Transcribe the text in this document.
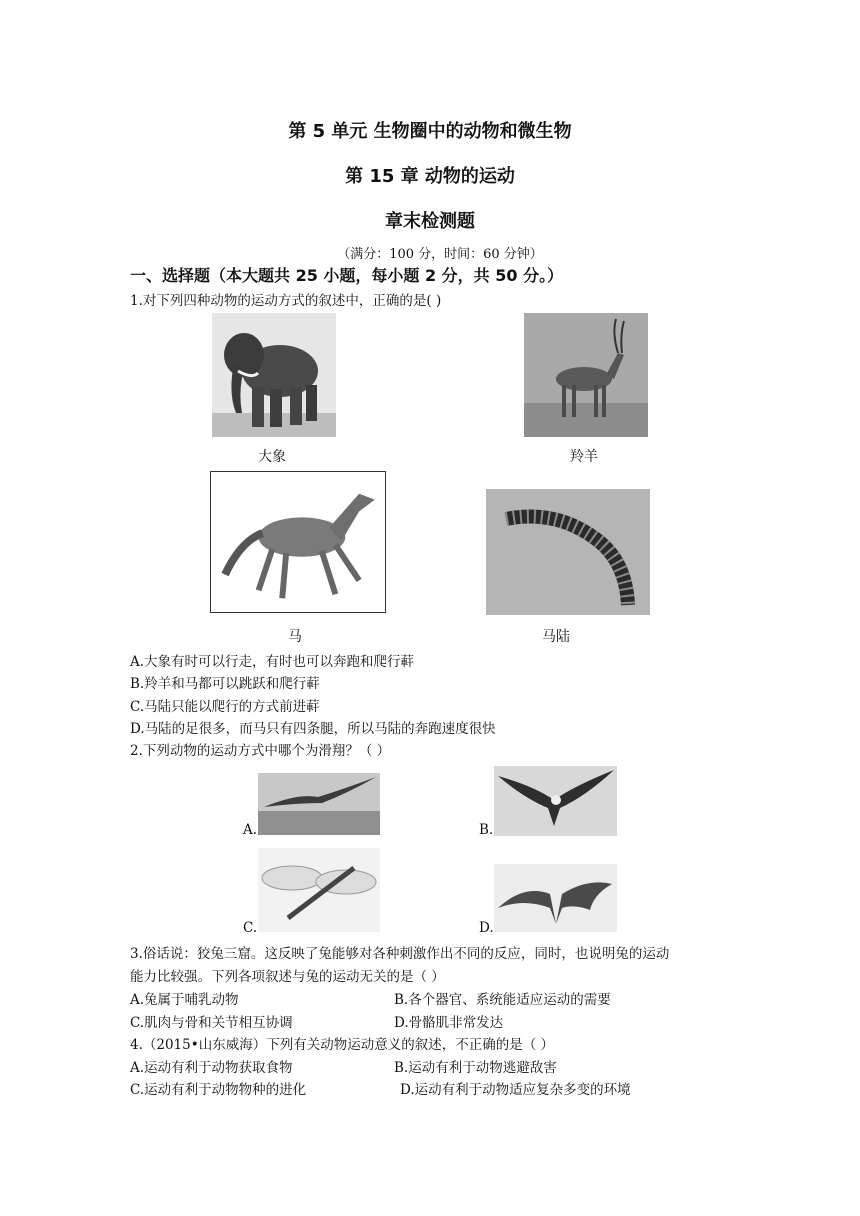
第 5 单元 生物圈中的动物和微生物
第 15 章 动物的运动
章末检测题
（满分：100 分，时间：60 分钟）
一、选择题（本大题共 25 小题，每小题 2 分，共 50 分。）
1.对下列四种动物的运动方式的叙述中，正确的是( )
大象	羚羊
马	马陆
A.大象有时可以行走，有时也可以奔跑和爬行蓒
B.羚羊和马都可以跳跃和爬行蓒
C.马陆只能以爬行的方式前进蓒
D.马陆的足很多，而马只有四条腿，所以马陆的奔跑速度很快
2.下列动物的运动方式中哪个为滑翔？（ ）
A.	B.
C.	D.
3.俗话说：狡兔三窟。这反映了兔能够对各种刺激作出不同的反应，同时，也说明兔的运动
能力比较强。下列各项叙述与兔的运动无关的是（ ）
A.兔属于哺乳动物	B.各个器官、系统能适应运动的需要
C.肌肉与骨和关节相互协调	D.骨骼肌非常发达
4.（2015•山东威海）下列有关动物运动意义的叙述，不正确的是（ ）
A.运动有利于动物获取食物	B.运动有利于动物逃避敌害
C.运动有利于动物物种的进化	D.运动有利于动物适应复杂多变的环境
